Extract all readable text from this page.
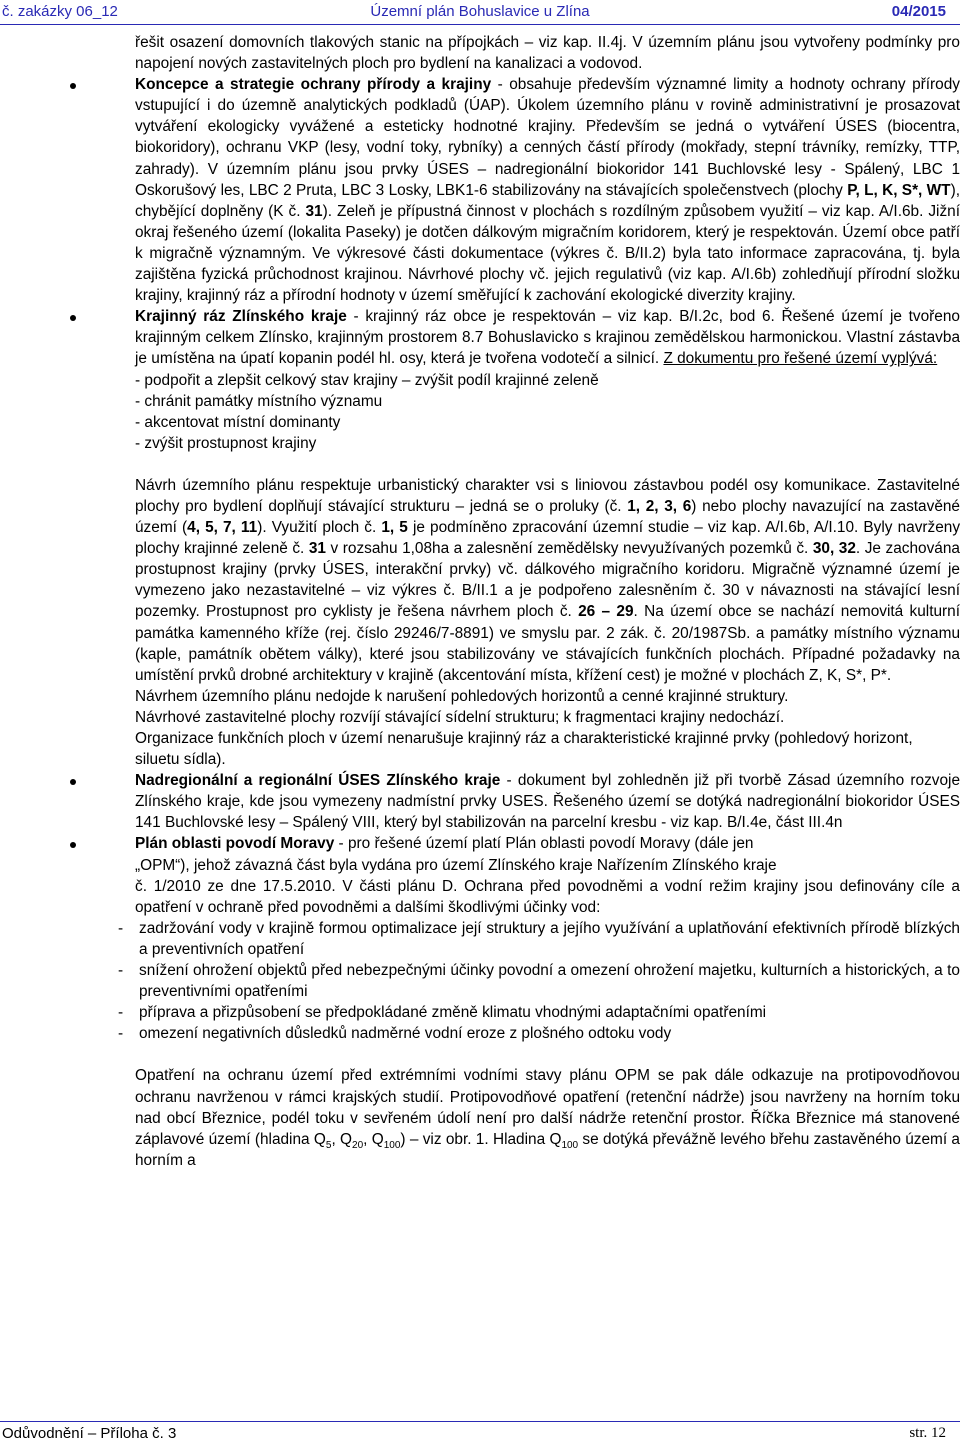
č. zakázky 06_12	Územní plán Bohuslavice u Zlína	04/2015

řešit osazení domovních tlakových stanic na přípojkách – viz kap. II.4j. V územním plánu jsou vytvořeny podmínky pro napojení nových zastavitelných ploch pro bydlení na kanalizaci a vodovod.

Koncepce a strategie ochrany přírody a krajiny - obsahuje především významné limity a hodnoty ochrany přírody vstupující i do územně analytických podkladů (ÚAP). Úkolem územního plánu v rovině administrativní je prosazovat vytváření ekologicky vyvážené a esteticky hodnotné krajiny. Především se jedná o vytváření ÚSES (biocentra, biokoridory), ochranu VKP (lesy, vodní toky, rybníky) a cenných částí přírody (mokřady, stepní trávníky, remízky, TTP, zahrady). V územním plánu jsou prvky ÚSES – nadregionální biokoridor 141 Buchlovské lesy - Spálený, LBC 1 Oskorušový les, LBC 2 Pruta, LBC 3 Losky, LBK1-6 stabilizovány na stávajících společenstvech (plochy P, L, K, S*, WT), chybějící doplněny (K č. 31). Zeleň je přípustná činnost v plochách s rozdílným způsobem využití – viz kap. A/I.6b. Jižní okraj řešeného území (lokalita Paseky) je dotčen dálkovým migračním koridorem, který je respektován. Území obce patří k migračně významným. Ve výkresové části dokumentace (výkres č. B/II.2) byla tato informace zapracována, tj. byla zajištěna fyzická průchodnost krajinou. Návrhové plochy vč. jejich regulativů (viz kap. A/I.6b) zohledňují přírodní složku krajiny, krajinný ráz a přírodní hodnoty v území směřující k zachování ekologické diverzity krajiny.

Krajinný ráz Zlínského kraje - krajinný ráz obce je respektován – viz kap. B/I.2c, bod 6. Řešené území je tvořeno krajinným celkem Zlínsko, krajinným prostorem 8.7 Bohuslavicko s krajinou zemědělskou harmonickou. Vlastní zástavba je umístěna na úpatí kopanin podél hl. osy, která je tvořena vodotečí a silnicí. Z dokumentu pro řešené území vyplývá:

- podpořit a zlepšit celkový stav krajiny – zvýšit podíl krajinné zeleně
- chránit památky místního významu
- akcentovat místní dominanty
- zvýšit prostupnost krajiny

Návrh územního plánu respektuje urbanistický charakter vsi s liniovou zástavbou podél osy komunikace. Zastavitelné plochy pro bydlení doplňují stávající strukturu – jedná se o proluky (č. 1, 2, 3, 6) nebo plochy navazující na zastavěné území (4, 5, 7, 11). Využití ploch č. 1, 5 je podmíněno zpracování územní studie – viz kap. A/I.6b, A/I.10. Byly navrženy plochy krajinné zeleně č. 31 v rozsahu 1,08ha a zalesnění zemědělsky nevyužívaných pozemků č. 30, 32. Je zachována prostupnost krajiny (prvky ÚSES, interakční prvky) vč. dálkového migračního koridoru. Migračně významné území je vymezeno jako nezastavitelné – viz výkres č. B/II.1 a je podpořeno zalesněním č. 30 v návaznosti na stávající lesní pozemky. Prostupnost pro cyklisty je řešena návrhem ploch č. 26 – 29. Na území obce se nachází nemovitá kulturní památka kamenného kříže (rej. číslo 29246/7-8891) ve smyslu par. 2 zák. č. 20/1987Sb. a památky místního významu (kaple, památník obětem války), které jsou stabilizovány ve stávajících funkčních plochách. Případné požadavky na umístění prvků drobné architektury v krajině (akcentování místa, křížení cest) je možné v plochách Z, K, S*, P*.

Návrhem územního plánu nedojde k narušení pohledových horizontů a cenné krajinné struktury.
Návrhové zastavitelné plochy rozvíjí stávající sídelní strukturu; k fragmentaci krajiny nedochází.
Organizace funkčních ploch v území nenarušuje krajinný ráz a charakteristické krajinné prvky (pohledový horizont, siluetu sídla).

Nadregionální a regionální ÚSES Zlínského kraje - dokument byl zohledněn již při tvorbě Zásad územního rozvoje Zlínského kraje, kde jsou vymezeny nadmístní prvky USES. Řešeného území se dotýká nadregionální biokoridor ÚSES 141 Buchlovské lesy – Spálený VIII, který byl stabilizován na parcelní kresbu - viz kap. B/I.4e, část III.4n

Plán oblasti povodí Moravy - pro řešené území platí Plán oblasti povodí Moravy (dále jen
„OPM“), jehož závazná část byla vydána pro území Zlínského kraje Nařízením Zlínského kraje

č. 1/2010 ze dne 17.5.2010. V části plánu D. Ochrana před povodněmi a vodní režim krajiny jsou definovány cíle a opatření v ochraně před povodněmi a dalšími škodlivými účinky vod:

- zadržování vody v krajině formou optimalizace její struktury a jejího využívání a uplatňování efektivních přírodě blízkých a preventivních opatření
- snížení ohrožení objektů před nebezpečnými účinky povodní a omezení ohrožení majetku, kulturních a historických, a to preventivními opatřeními
- příprava a přizpůsobení se předpokládané změně klimatu vhodnými adaptačními opatřeními
- omezení negativních důsledků nadměrné vodní eroze z plošného odtoku vody

Opatření na ochranu území před extrémními vodními stavy plánu OPM se pak dále odkazuje na protipovodňovou ochranu navrženou v rámci krajských studií. Protipovodňové opatření (retenční nádrže) jsou navrženy na horním toku nad obcí Březnice, podél toku v sevřeném údolí není pro další nádrže retenční prostor. Říčka Březnice má stanovené záplavové území (hladina $Q_5$, $Q_{20}$, $Q_{100}$) – viz obr. 1. Hladina $Q_{100}$ se dotýká převážně levého břehu zastavěného území a horním a

Odůvodnění – Příloha č. 3	str. 12
